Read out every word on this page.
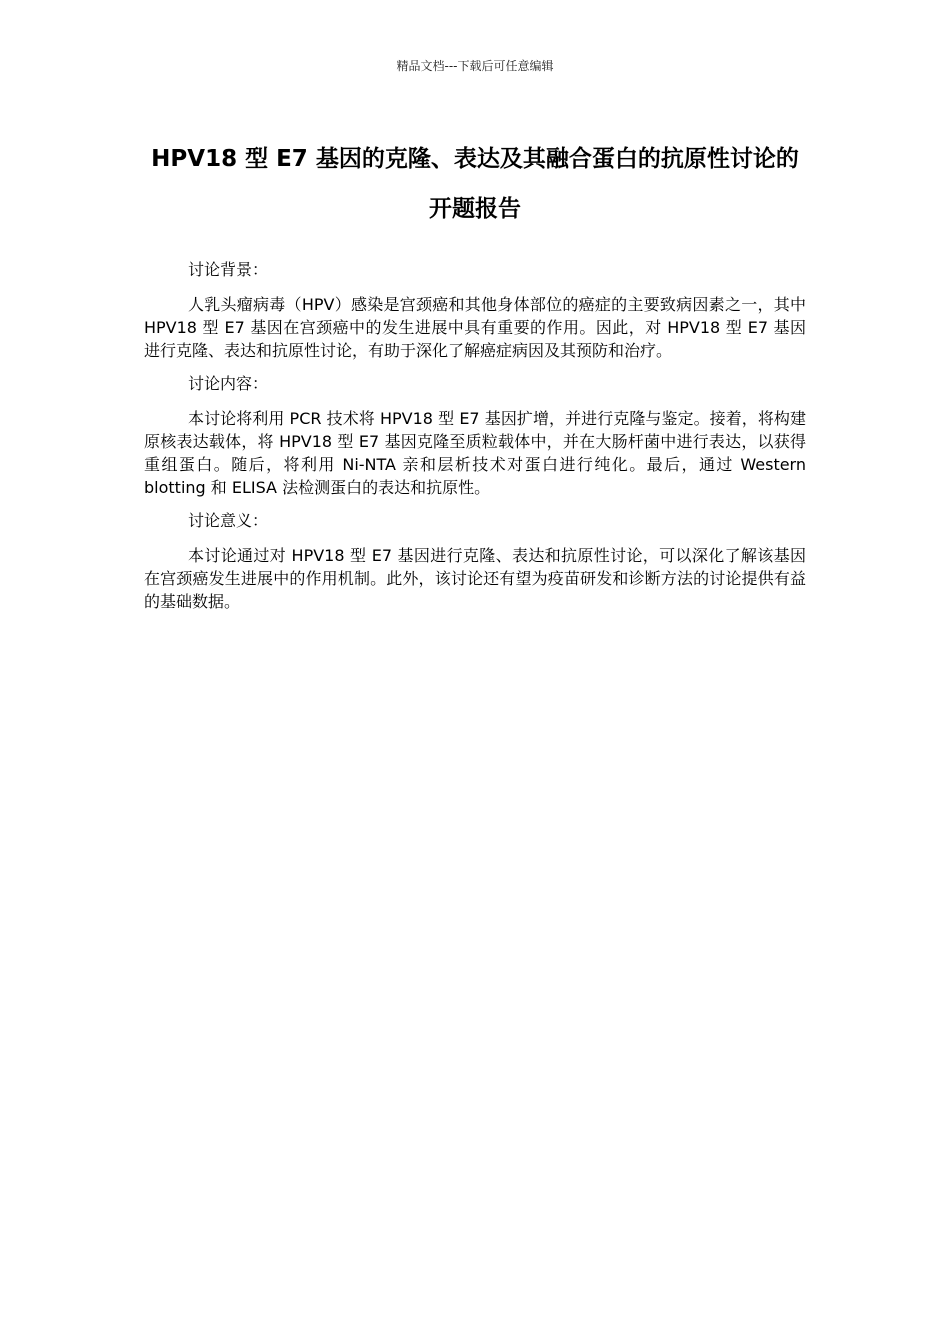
精品文档---下载后可任意编辑
HPV18 型 E7 基因的克隆、表达及其融合蛋白的抗原性讨论的开题报告

讨论背景：

人乳头瘤病毒（HPV）感染是宫颈癌和其他身体部位的癌症的主要致病因素之一，其中 HPV18 型 E7 基因在宫颈癌中的发生进展中具有重要的作用。因此，对 HPV18 型 E7 基因进行克隆、表达和抗原性讨论，有助于深化了解癌症病因及其预防和治疗。

讨论内容：

本讨论将利用 PCR 技术将 HPV18 型 E7 基因扩增，并进行克隆与鉴定。接着，将构建原核表达载体，将 HPV18 型 E7 基因克隆至质粒载体中，并在大肠杆菌中进行表达，以获得重组蛋白。随后，将利用 Ni-NTA 亲和层析技术对蛋白进行纯化。最后，通过 Western blotting 和 ELISA 法检测蛋白的表达和抗原性。

讨论意义：

本讨论通过对 HPV18 型 E7 基因进行克隆、表达和抗原性讨论，可以深化了解该基因在宫颈癌发生进展中的作用机制。此外，该讨论还有望为疫苗研发和诊断方法的讨论提供有益的基础数据。
